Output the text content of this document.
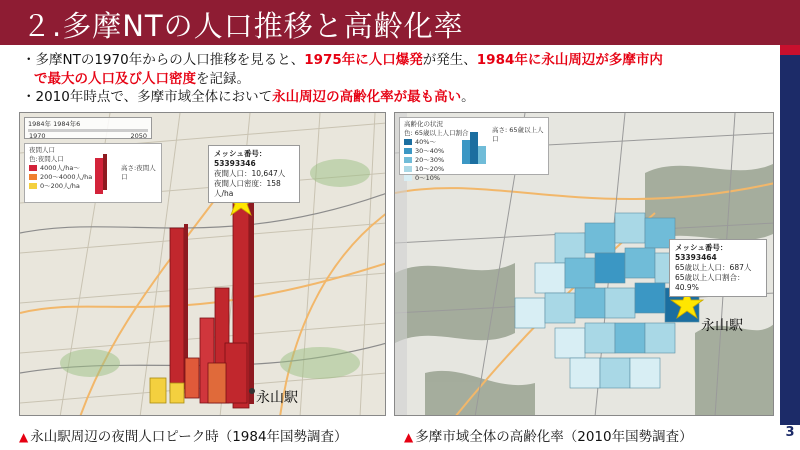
２.多摩NTの人口推移と高齢化率
3
・多摩NTの1970年からの人口推移を見ると、1975年に人口爆発が発生、1984年に永山周辺が多摩市内
で最大の人口及び人口密度を記録。
・2010年時点で、多摩市域全体において永山周辺の高齢化率が最も高い。
1984年 1984年6
1970	2050
夜間人口
色:夜間人口
4000人/ha〜
200〜4000人/ha
0〜200人/ha
高さ:夜間人口
メッシュ番号：
53393346
夜間人口：10,647人
夜間人口密度：158人/ha
永山駅
高齢化の状況
色: 65歳以上人口割合
40%〜
30〜40%
20〜30%
10〜20%
0〜10%
高さ: 65歳以上人口
メッシュ番号：
53393464
65歳以上人口：687人
65歳以上人口割合：40.9%
永山駅
▲ 永山駅周辺の夜間人口ピーク時（1984年国勢調査）	▲ 多摩市域全体の高齢化率（2010年国勢調査）
